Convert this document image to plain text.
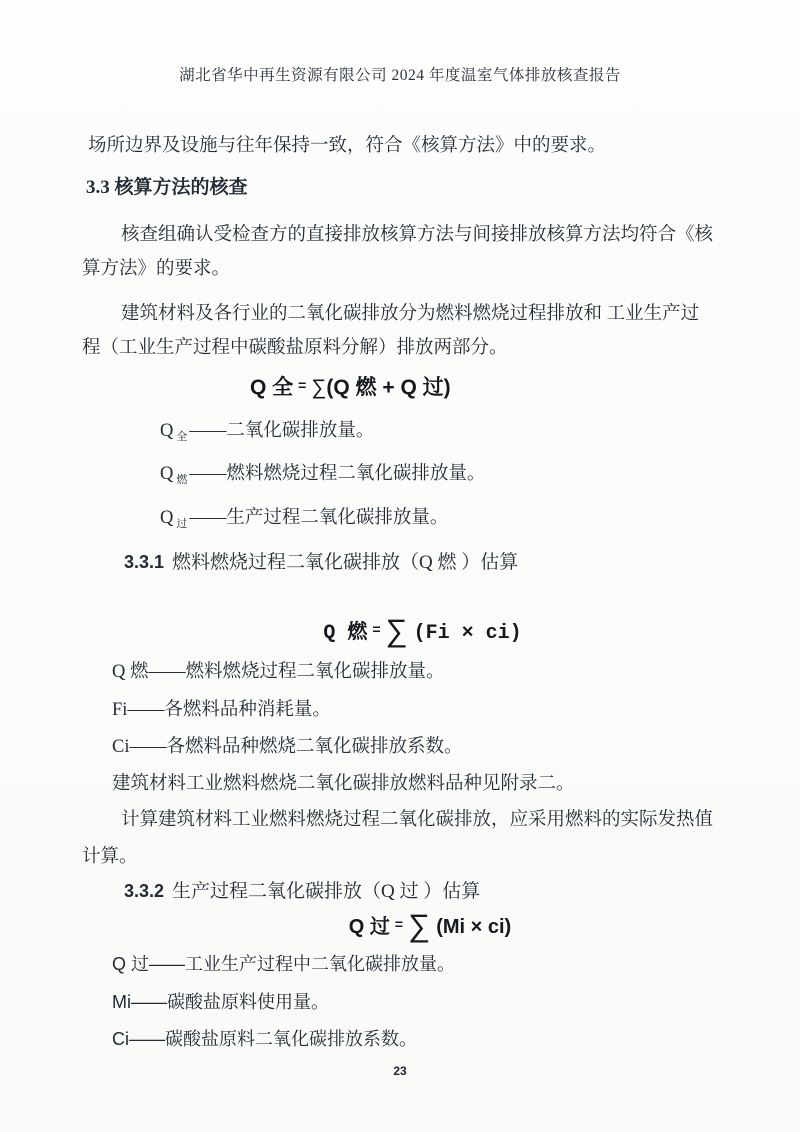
湖北省华中再生资源有限公司 2024 年度温室气体排放核查报告
场所边界及设施与往年保持一致，符合《核算方法》中的要求。
3.3 核算方法的核查
核查组确认受检查方的直接排放核算方法与间接排放核算方法均符合《核
算方法》的要求。
建筑材料及各行业的二氧化碳排放分为燃料燃烧过程排放和 工业生产过
程（工业生产过程中碳酸盐原料分解）排放两部分。
Q 全 = ∑(Q 燃 + Q 过)
Q $_全$ ——二氧化碳排放量。
Q $_燃$ ——燃料燃烧过程二氧化碳排放量。
Q $_过$ ——生产过程二氧化碳排放量。
3.3.1 燃料燃烧过程二氧化碳排放（Q 燃 ）估算
Q 燃 = ∑ (Fi × ci)
Q 燃——燃料燃烧过程二氧化碳排放量。
Fi——各燃料品种消耗量。
Ci——各燃料品种燃烧二氧化碳排放系数。
建筑材料工业燃料燃烧二氧化碳排放燃料品种见附录二。
计算建筑材料工业燃料燃烧过程二氧化碳排放，应采用燃料的实际发热值
计算。
3.3.2 生产过程二氧化碳排放（Q 过 ）估算
Q 过 = ∑ (Mi × ci)
Q 过——工业生产过程中二氧化碳排放量。
Mi——碳酸盐原料使用量。
Ci——碳酸盐原料二氧化碳排放系数。
23
